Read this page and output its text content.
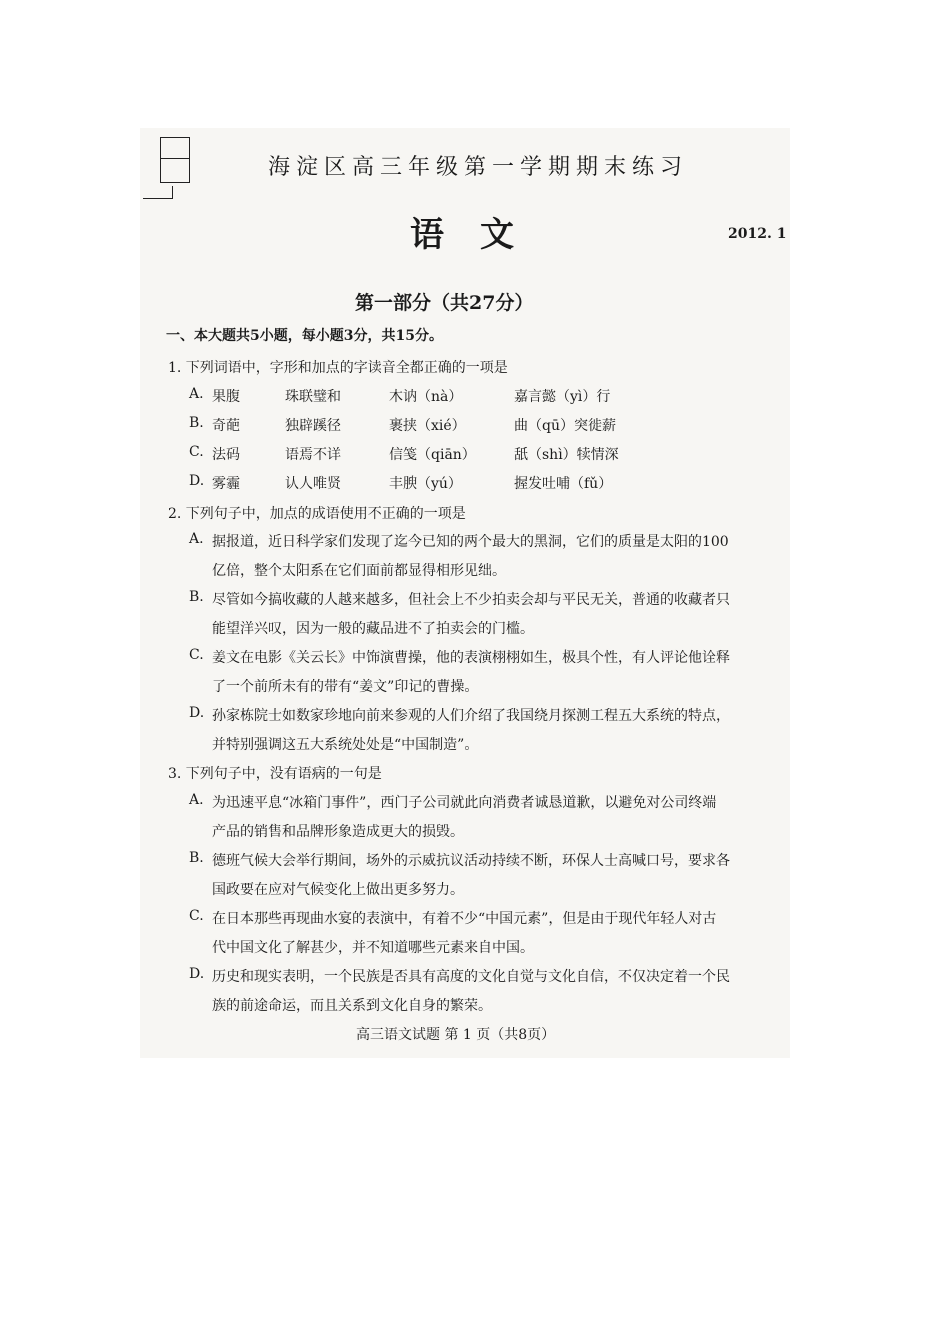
海淀区高三年级第一学期期末练习
语文	2012. 1
第一部分（共27分）
一、本大题共5小题，每小题3分，共15分。
1. 下列词语中，字形和加点的字读音全都正确的一项是
A. 果腹	珠联璧和	木讷（nà）	嘉言懿（yì）行
B. 奇葩	独辟蹊径	裹挟（xié）	曲（qū）突徙薪
C. 法码	语焉不详	信笺（qiān）	舐（shì）犊情深
D. 雾霾	认人唯贤	丰腴（yú）	握发吐哺（fǔ）
2. 下列句子中，加点的成语使用不正确的一项是
A. 据报道，近日科学家们发现了迄今已知的两个最大的黑洞，它们的质量是太阳的100
亿倍，整个太阳系在它们面前都显得相形见绌。
B. 尽管如今搞收藏的人越来越多，但社会上不少拍卖会却与平民无关，普通的收藏者只
能望洋兴叹，因为一般的藏品进不了拍卖会的门槛。
C. 姜文在电影《关云长》中饰演曹操，他的表演栩栩如生，极具个性，有人评论他诠释
了一个前所未有的带有“姜文”印记的曹操。
D. 孙家栋院士如数家珍地向前来参观的人们介绍了我国绕月探测工程五大系统的特点，
并特别强调这五大系统处处是“中国制造”。
3. 下列句子中，没有语病的一句是
A. 为迅速平息“冰箱门事件”，西门子公司就此向消费者诚恳道歉，以避免对公司终端
产品的销售和品牌形象造成更大的损毁。
B. 德班气候大会举行期间，场外的示威抗议活动持续不断，环保人士高喊口号，要求各
国政要在应对气候变化上做出更多努力。
C. 在日本那些再现曲水宴的表演中，有着不少“中国元素”，但是由于现代年轻人对古
代中国文化了解甚少，并不知道哪些元素来自中国。
D. 历史和现实表明，一个民族是否具有高度的文化自觉与文化自信，不仅决定着一个民
族的前途命运，而且关系到文化自身的繁荣。
高三语文试题 第 1 页（共8页）
